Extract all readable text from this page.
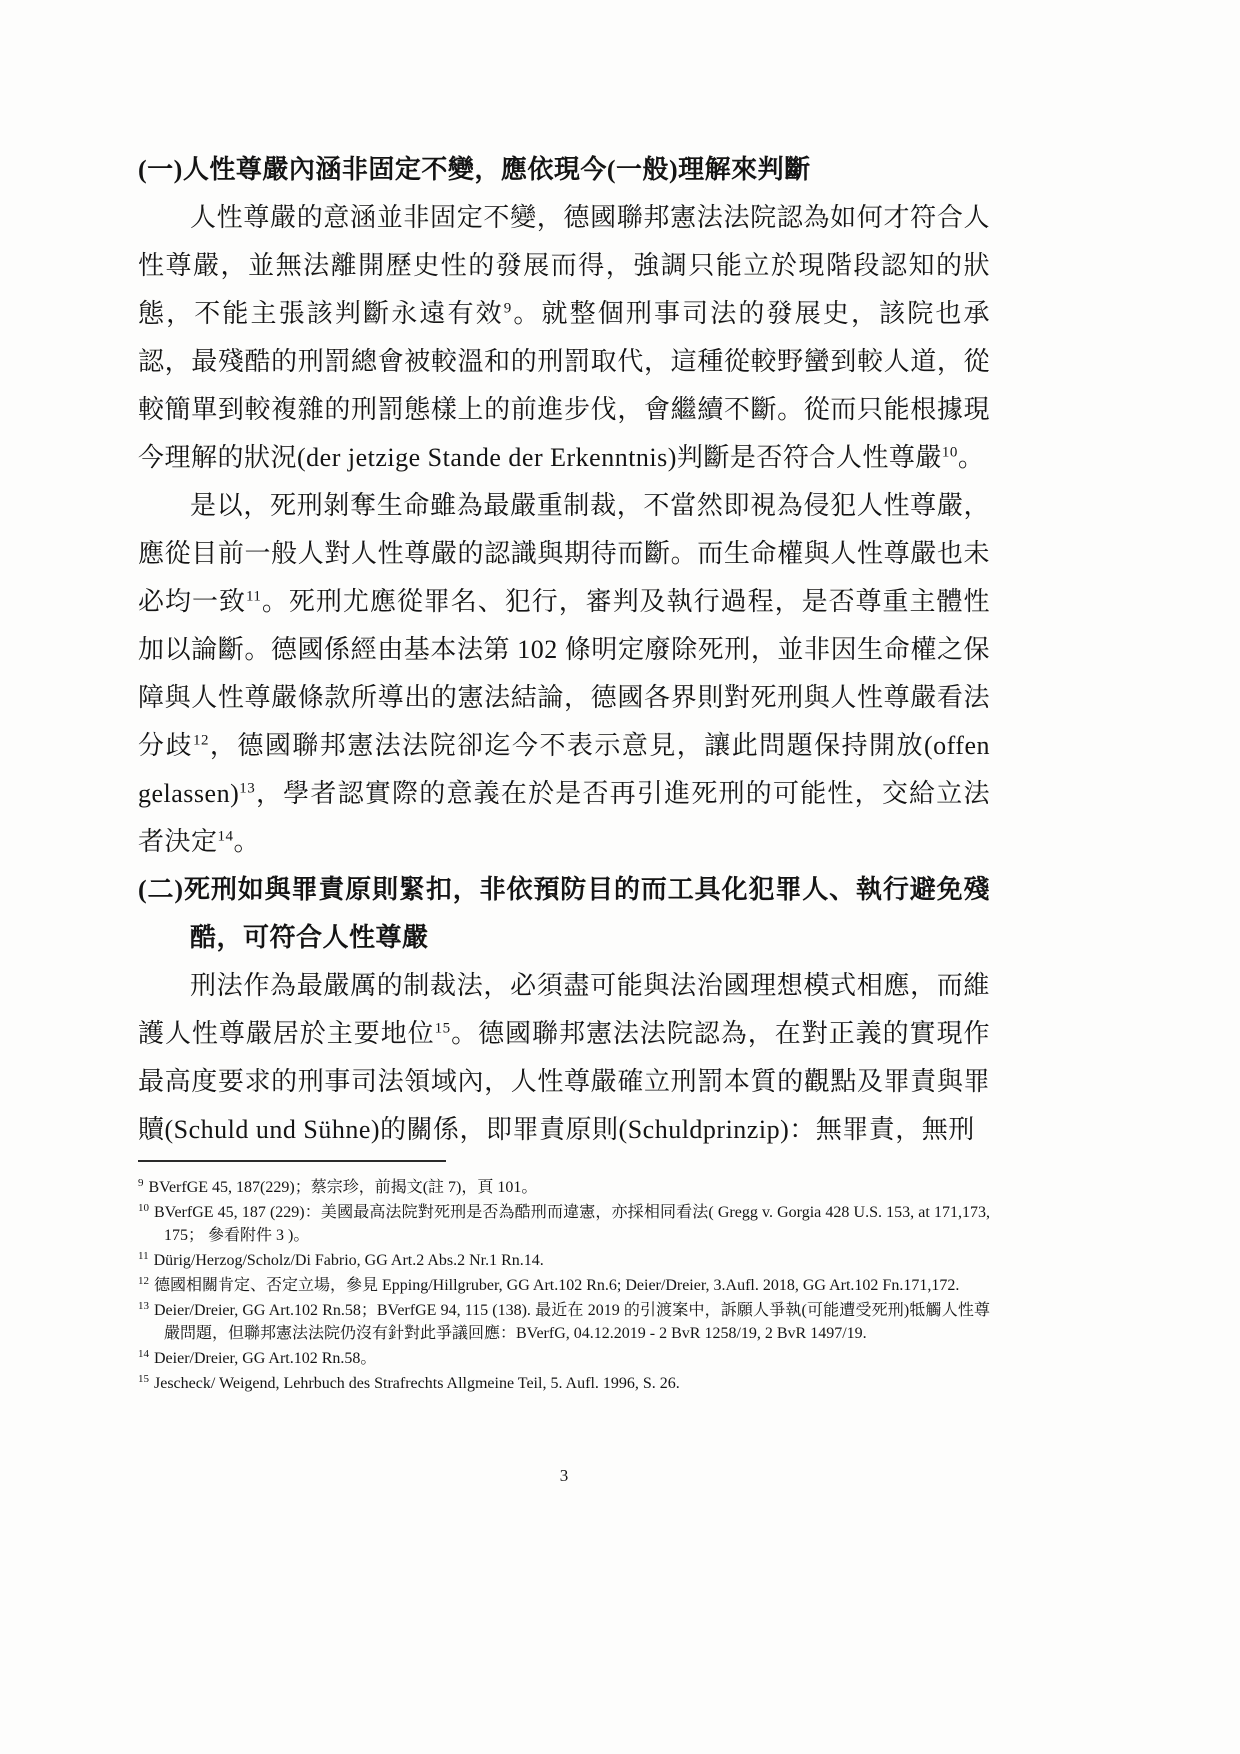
(一)人性尊嚴內涵非固定不變，應依現今(一般)理解來判斷

人性尊嚴的意涵並非固定不變，德國聯邦憲法法院認為如何才符合人性尊嚴，並無法離開歷史性的發展而得，強調只能立於現階段認知的狀態，不能主張該判斷永遠有效$^9$。就整個刑事司法的發展史，該院也承認，最殘酷的刑罰總會被較溫和的刑罰取代，這種從較野蠻到較人道，從較簡單到較複雜的刑罰態樣上的前進步伐，會繼續不斷。從而只能根據現今理解的狀況(der jetzige Stande der Erkenntnis)判斷是否符合人性尊嚴$^{10}$。

是以，死刑剝奪生命雖為最嚴重制裁，不當然即視為侵犯人性尊嚴，應從目前一般人對人性尊嚴的認識與期待而斷。而生命權與人性尊嚴也未必均一致$^{11}$。死刑尤應從罪名、犯行，審判及執行過程，是否尊重主體性加以論斷。德國係經由基本法第 102 條明定廢除死刑，並非因生命權之保障與人性尊嚴條款所導出的憲法結論，德國各界則對死刑與人性尊嚴看法分歧$^{12}$，德國聯邦憲法法院卻迄今不表示意見，讓此問題保持開放(offen gelassen)$^{13}$，學者認實際的意義在於是否再引進死刑的可能性，交給立法者決定$^{14}$。

(二)死刑如與罪責原則緊扣，非依預防目的而工具化犯罪人、執行避免殘酷，可符合人性尊嚴

刑法作為最嚴厲的制裁法，必須盡可能與法治國理想模式相應，而維護人性尊嚴居於主要地位$^{15}$。德國聯邦憲法法院認為，在對正義的實現作最高度要求的刑事司法領域內，人性尊嚴確立刑罰本質的觀點及罪責與罪贖(Schuld und Sühne)的關係，即罪責原則(Schuldprinzip)：無罪責，無刑

$^9$ BVerfGE 45, 187(229)；蔡宗珍，前揭文(註 7)，頁 101。
$^{10}$ BVerfGE 45, 187 (229)：美國最高法院對死刑是否為酷刑而違憲，亦採相同看法( Gregg v. Gorgia 428 U.S. 153, at 171,173, 175； 參看附件 3 )。
$^{11}$ Dürig/Herzog/Scholz/Di Fabrio, GG Art.2 Abs.2 Nr.1 Rn.14.
$^{12}$ 德國相關肯定、否定立場，參見 Epping/Hillgruber, GG Art.102 Rn.6; Deier/Dreier, 3.Aufl. 2018, GG Art.102 Fn.171,172.
$^{13}$ Deier/Dreier, GG Art.102 Rn.58；BVerfGE 94, 115 (138). 最近在 2019 的引渡案中，訴願人爭執(可能遭受死刑)牴觸人性尊嚴問題，但聯邦憲法法院仍沒有針對此爭議回應：BVerfG, 04.12.2019 - 2 BvR 1258/19, 2 BvR 1497/19.
$^{14}$ Deier/Dreier, GG Art.102 Rn.58。
$^{15}$ Jescheck/ Weigend, Lehrbuch des Strafrechts Allgmeine Teil, 5. Aufl. 1996, S. 26.
3
